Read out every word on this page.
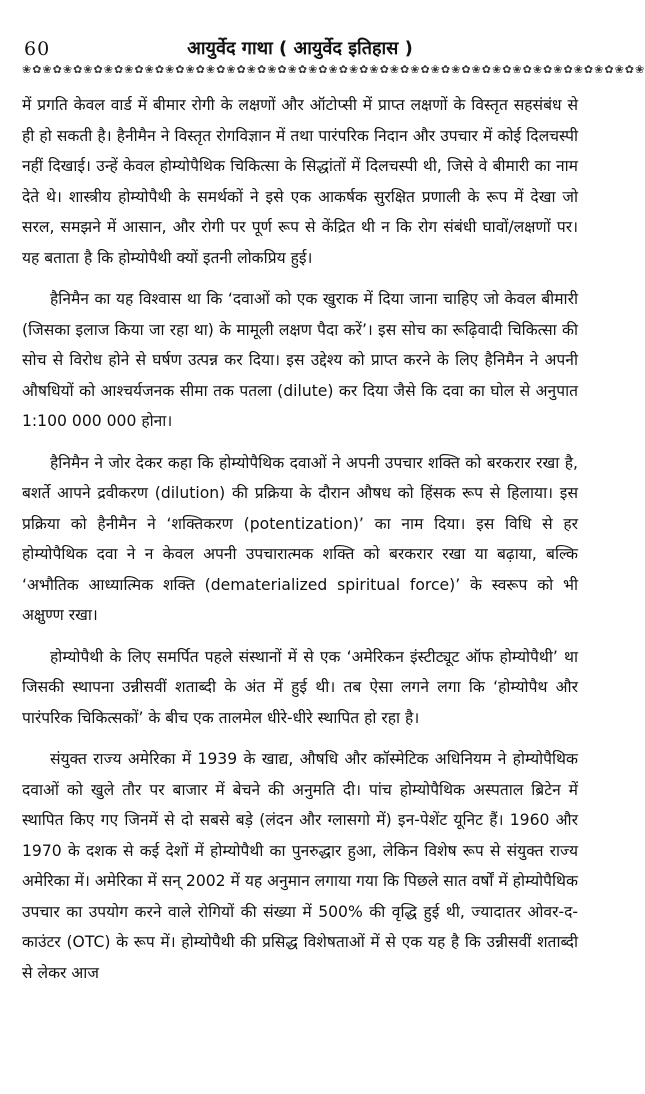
60	आयुर्वेद गाथा ( आयुर्वेद इतिहास )
❀✿❀✿❀✿❀✿❀✿❀✿❀✿❀✿❀✿❀✿❀✿❀✿❀✿❀✿❀✿❀✿❀✿❀✿❀✿❀✿❀✿❀✿❀✿❀✿❀✿❀✿❀✿❀✿❀✿❀✿❀

में प्रगति केवल वार्ड में बीमार रोगी के लक्षणों और ऑटोप्सी में प्राप्त लक्षणों के विस्तृत सहसंबंध से ही हो सकती है। हैनीमैन ने विस्तृत रोगविज्ञान में तथा पारंपरिक निदान और उपचार में कोई दिलचस्पी नहीं दिखाई। उन्हें केवल होम्योपैथिक चिकित्सा के सिद्धांतों में दिलचस्पी थी, जिसे वे बीमारी का नाम देते थे। शास्त्रीय होम्योपैथी के समर्थकों ने इसे एक आकर्षक सुरक्षित प्रणाली के रूप में देखा जो सरल, समझने में आसान, और रोगी पर पूर्ण रूप से केंद्रित थी न कि रोग संबंधी घावों/लक्षणों पर। यह बताता है कि होम्योपैथी क्यों इतनी लोकप्रिय हुई।

हैनिमैन का यह विश्वास था कि ‘दवाओं को एक खुराक में दिया जाना चाहिए जो केवल बीमारी (जिसका इलाज किया जा रहा था) के मामूली लक्षण पैदा करें’। इस सोच का रूढ़िवादी चिकित्सा की सोच से विरोध होने से घर्षण उत्पन्न कर दिया। इस उद्देश्य को प्राप्त करने के लिए हैनिमैन ने अपनी औषधियों को आश्चर्यजनक सीमा तक पतला (dilute) कर दिया जैसे कि दवा का घोल से अनुपात 1:100 000 000 होना।

हैनिमैन ने जोर देकर कहा कि होम्योपैथिक दवाओं ने अपनी उपचार शक्ति को बरकरार रखा है, बशर्ते आपने द्रवीकरण (dilution) की प्रक्रिया के दौरान औषध को हिंसक रूप से हिलाया। इस प्रक्रिया को हैनीमैन ने ‘शक्तिकरण (potentization)’ का नाम दिया। इस विधि से हर होम्योपैथिक दवा ने न केवल अपनी उपचारात्मक शक्ति को बरकरार रखा या बढ़ाया, बल्कि ‘अभौतिक आध्यात्मिक शक्ति (dematerialized spiritual force)’ के स्वरूप को भी अक्षुण्ण रखा।

होम्योपैथी के लिए समर्पित पहले संस्थानों में से एक ‘अमेरिकन इंस्टीट्यूट ऑफ होम्योपैथी’ था जिसकी स्थापना उन्नीसवीं शताब्दी के अंत में हुई थी। तब ऐसा लगने लगा कि ‘होम्योपैथ और पारंपरिक चिकित्सकों’ के बीच एक तालमेल धीरे-धीरे स्थापित हो रहा है।

संयुक्त राज्य अमेरिका में 1939 के खाद्य, औषधि और कॉस्मेटिक अधिनियम ने होम्योपैथिक दवाओं को खुले तौर पर बाजार में बेचने की अनुमति दी। पांच होम्योपैथिक अस्पताल ब्रिटेन में स्थापित किए गए जिनमें से दो सबसे बड़े (लंदन और ग्लासगो में) इन-पेशेंट यूनिट हैं। 1960 और 1970 के दशक से कई देशों में होम्योपैथी का पुनरुद्धार हुआ, लेकिन विशेष रूप से संयुक्त राज्य अमेरिका में। अमेरिका में सन् 2002 में यह अनुमान लगाया गया कि पिछले सात वर्षों में होम्योपैथिक उपचार का उपयोग करने वाले रोगियों की संख्या में 500% की वृद्धि हुई थी, ज्यादातर ओवर-द-काउंटर (OTC) के रूप में। होम्योपैथी की प्रसिद्ध विशेषताओं में से एक यह है कि उन्नीसवीं शताब्दी से लेकर आज
